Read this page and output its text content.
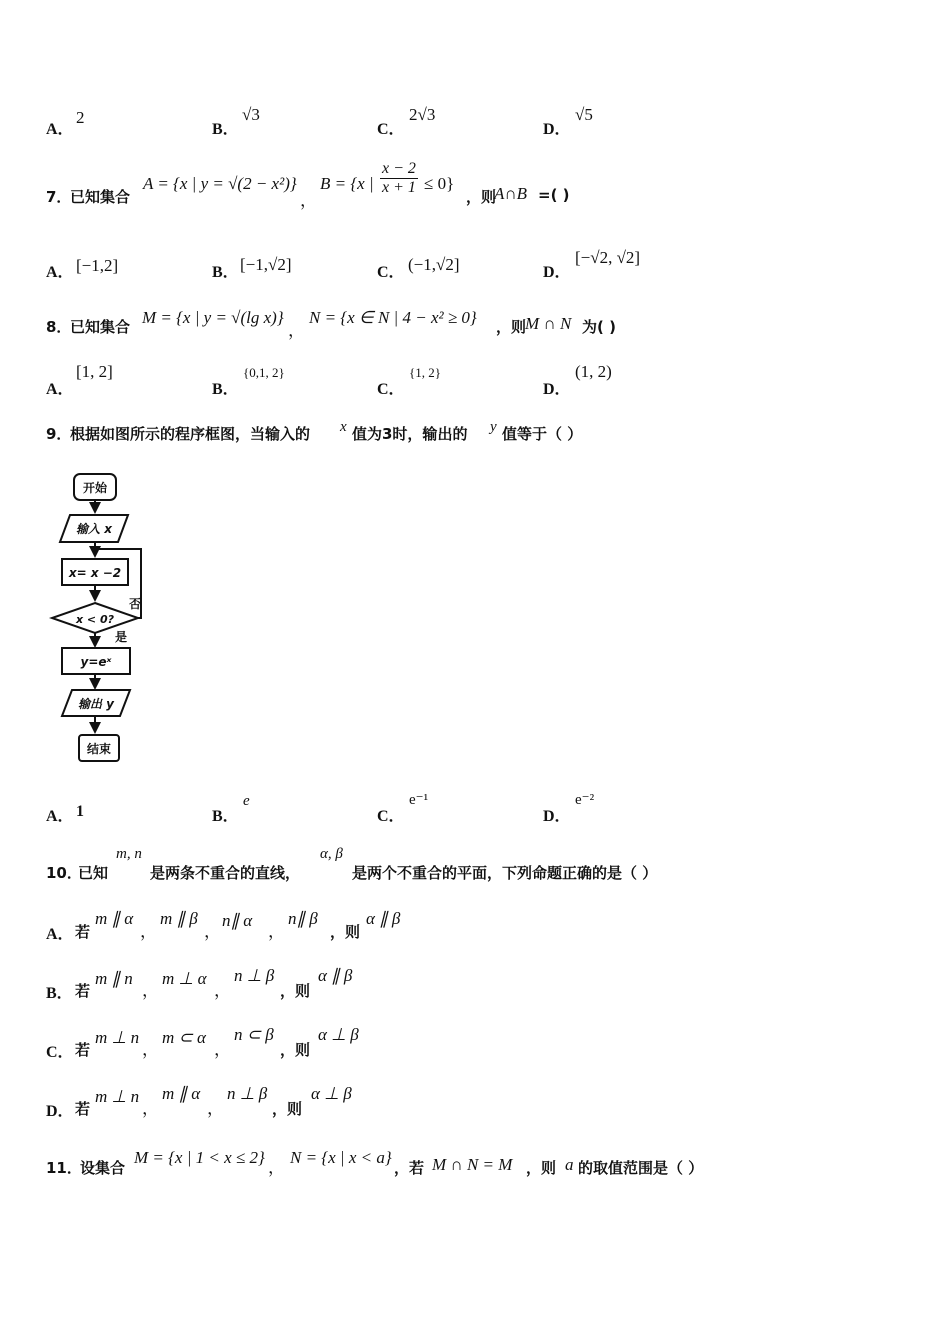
A．
2
B．
√3
C．
2√3
D．
√5
7．
已知集合
A = {x | y = √(2 − x²)}
，
B = {x | $\frac{x - 2}{x + 1} \le 0$}
，则
A∩B =( )
A． [−1,2]	B． [−1,√2]	C． (−1,√2]	D．
[−√2, √2]
8．
已知集合 M = {x | y = √(lg x)}
，
N = {x ∈ N | 4 − x² ≥ 0} ，则
M ∩ N 为( )
A．
[1, 2]
B．
{0,1, 2}
C．
{1, 2}
D．
(1, 2)
9．
根据如图所示的程序框图，当输入的 x 值为3时，输出的 y 值等于（ ）
开始
输入 x
x= x −2
x < 0?
是
否
y=eˣ
输出 y
结束
A． 1	B．
e
C．
e⁻¹
D．
e⁻²
10．
已知
m, n
是两条不重合的直线，
α, β
是两个不重合的平面，下列命题正确的是（ ）
A． 若
m ∥ α
，
m ∥ β
，
n∥ α
，
n∥ β
，则
α ∥ β
B． 若
m ∥ n
，
m ⊥ α
，
n ⊥ β
，则
α ∥ β
C． 若
m ⊥ n
，
m ⊂ α
，
n ⊂ β
，则
α ⊥ β
D． 若
m ⊥ n
，
m ∥ α
，
n ⊥ β
，则
α ⊥ β
11．
设集合
M = {x | 1 < x ≤ 2}
，
N = {x | x < a}
，若 M ∩ N = M ，则 a 的取值范围是（ ）
